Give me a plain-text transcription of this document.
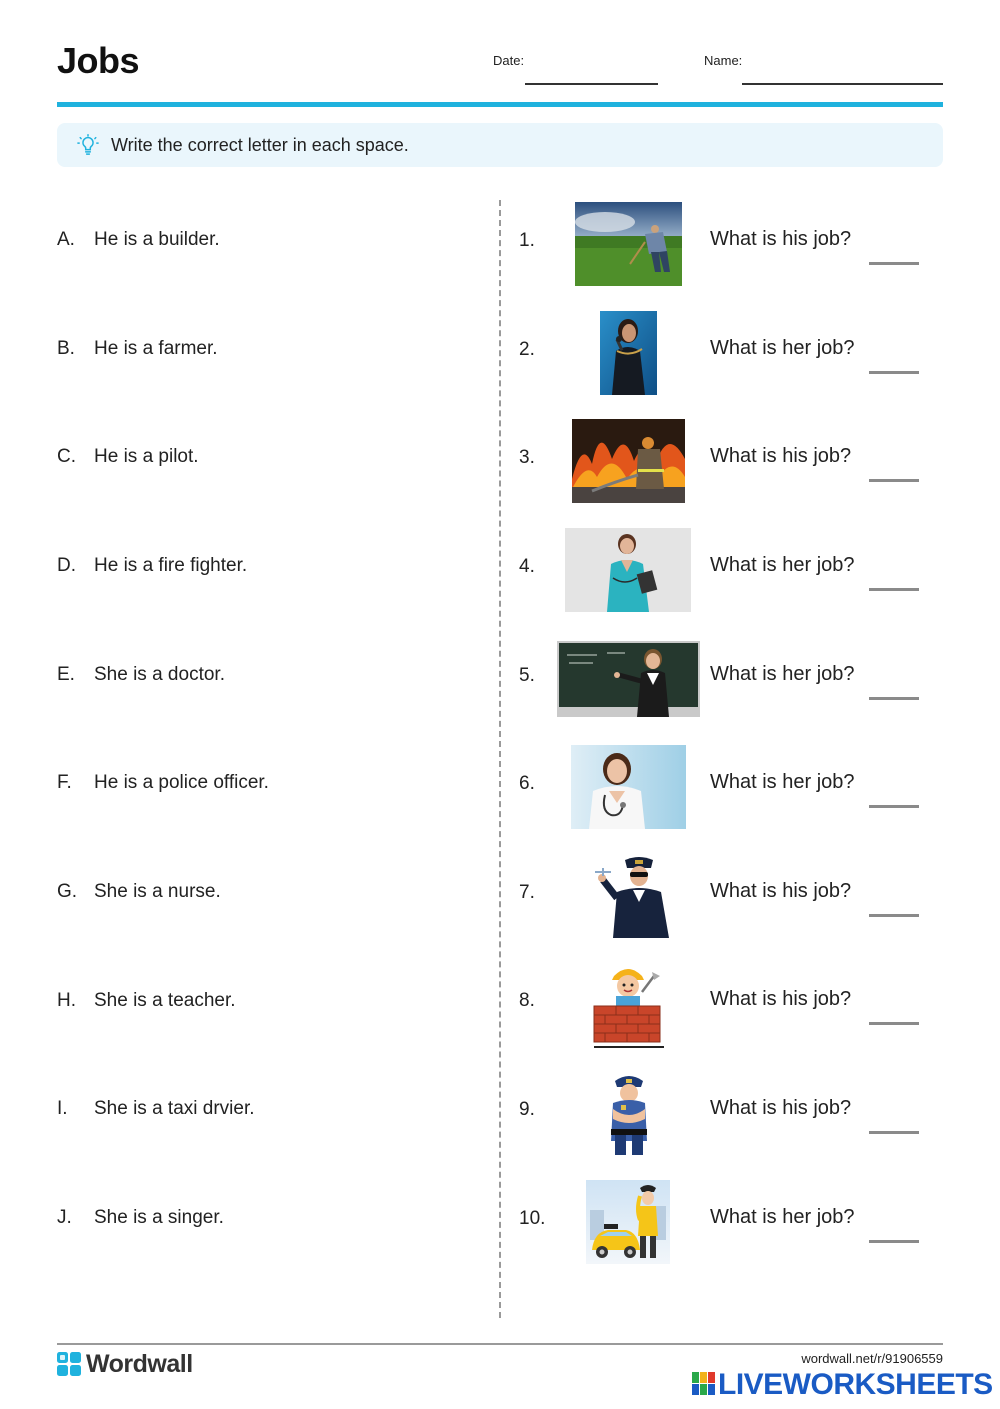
Jobs	Date:	Name:
Write the correct letter in each space.
A.	He is a builder.
B.	He is a farmer.
C. He is a pilot.
D. He is a fire fighter.
E.	She is a doctor.
F.	He is a police officer.
G. She is a nurse.
H. She is a teacher.
I.	She is a taxi drvier.
J.	She is a singer.
1.	What is his job?
2.	What is her job?
3.	What is his job?
4.	What is her job?
5.	What is her job?
6.	What is her job?
7.	What is his job?
8.	What is his job?
9.	What is his job?
10.	What is her job?
Wordwall	wordwall.net/r/91906559
LIVEWORKSHEETS
